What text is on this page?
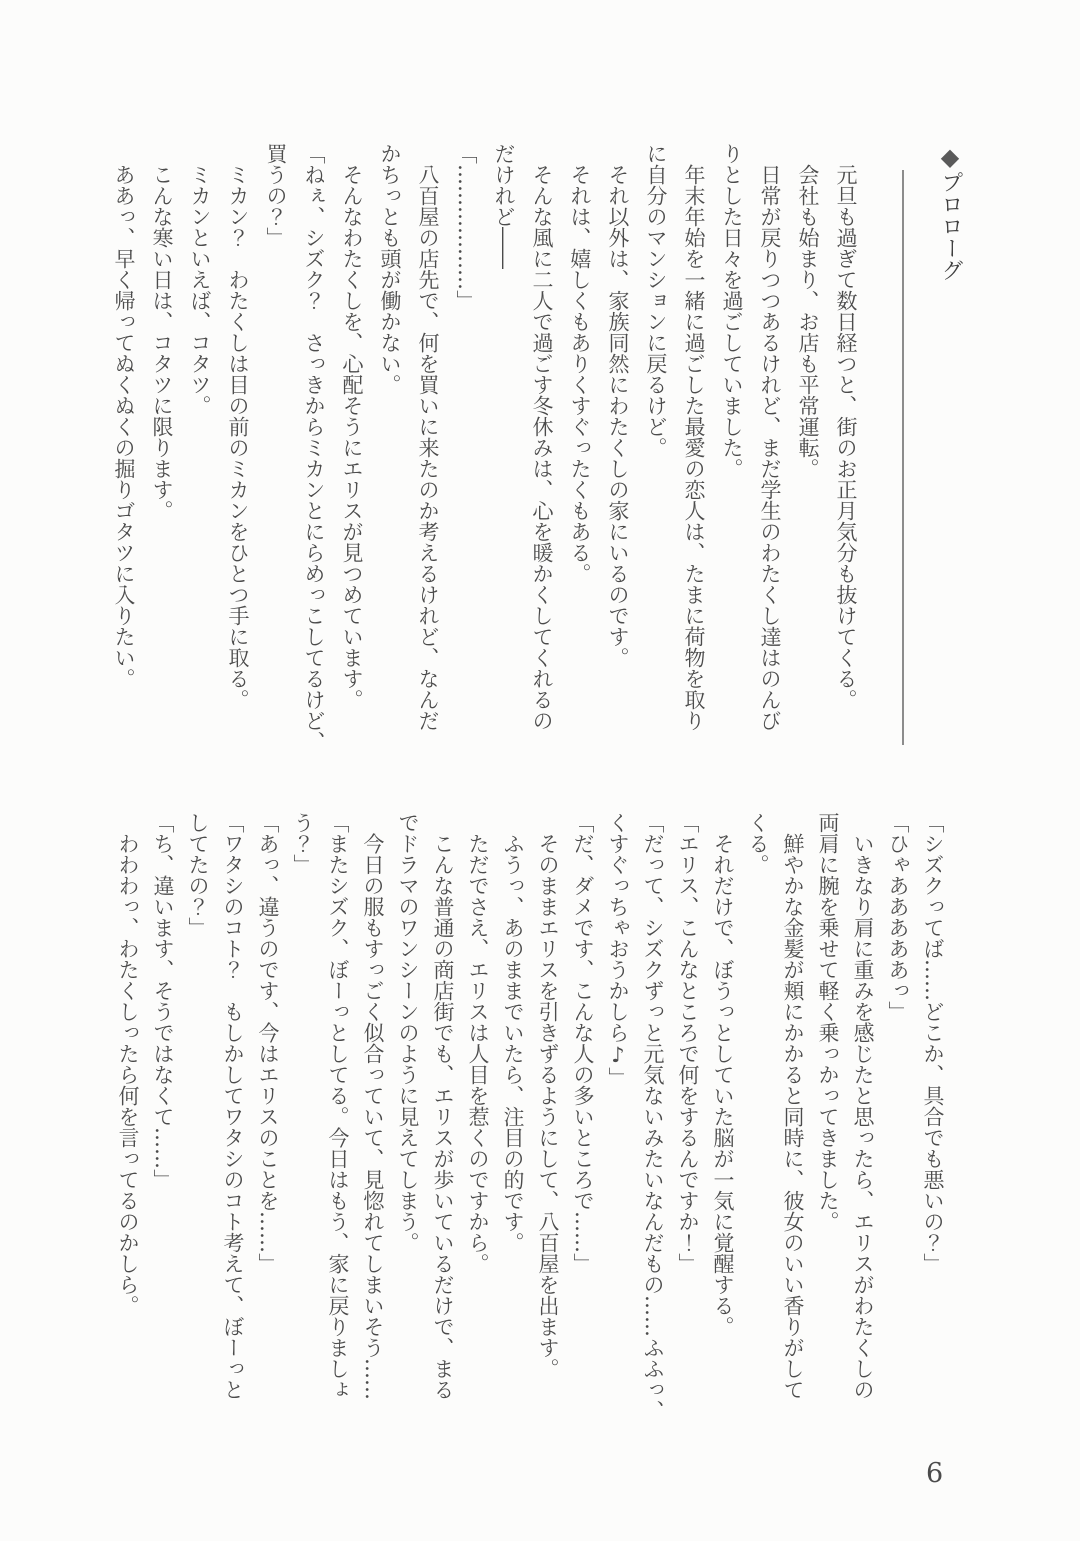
◆プロローグ
元旦も過ぎて数日経つと、街のお正月気分も抜けてくる。
会社も始まり、お店も平常運転。
日常が戻りつつあるけれど、まだ学生のわたくし達はのんび
りとした日々を過ごしていました。
年末年始を一緒に過ごした最愛の恋人は、たまに荷物を取り
に自分のマンションに戻るけど。
それ以外は、家族同然にわたくしの家にいるのです。
それは、嬉しくもありくすぐったくもある。
そんな風に二人で過ごす冬休みは、心を暖かくしてくれるの
だけれど――
「………………」
八百屋の店先で、何を買いに来たのか考えるけれど、なんだ
かちっとも頭が働かない。
そんなわたくしを、心配そうにエリスが見つめています。
「ねぇ、シズク？　さっきからミカンとにらめっこしてるけど、
買うの？」
ミカン？　わたくしは目の前のミカンをひとつ手に取る。
ミカンといえば、コタツ。
こんな寒い日は、コタツに限ります。
ああっ、早く帰ってぬくぬくの掘りゴタツに入りたい。
「シズクってば……どこか、具合でも悪いの？」
「ひゃあああああっ」
いきなり肩に重みを感じたと思ったら、エリスがわたくしの
両肩に腕を乗せて軽く乗っかってきました。
鮮やかな金髪が頬にかかると同時に、彼女のいい香りがして
くる。
それだけで、ぼうっとしていた脳が一気に覚醒する。
「エリス、こんなところで何をするんですか！」
「だって、シズクずっと元気ないみたいなんだもの……ふふっ、
くすぐっちゃおうかしら♪」
「だ、ダメです、こんな人の多いところで……」
そのままエリスを引きずるようにして、八百屋を出ます。
ふうっ、あのままでいたら、注目の的です。
ただでさえ、エリスは人目を惹くのですから。
こんな普通の商店街でも、エリスが歩いているだけで、まる
でドラマのワンシーンのように見えてしまう。
今日の服もすっごく似合っていて、見惚れてしまいそう……
「またシズク、ぼーっとしてる。今日はもう、家に戻りましょ
う？」
「あっ、違うのです、今はエリスのことを……」
「ワタシのコト？　もしかしてワタシのコト考えて、ぼーっと
してたの？」
「ち、違います、そうではなくて……」
わわわっ、わたくしったら何を言ってるのかしら。
6
